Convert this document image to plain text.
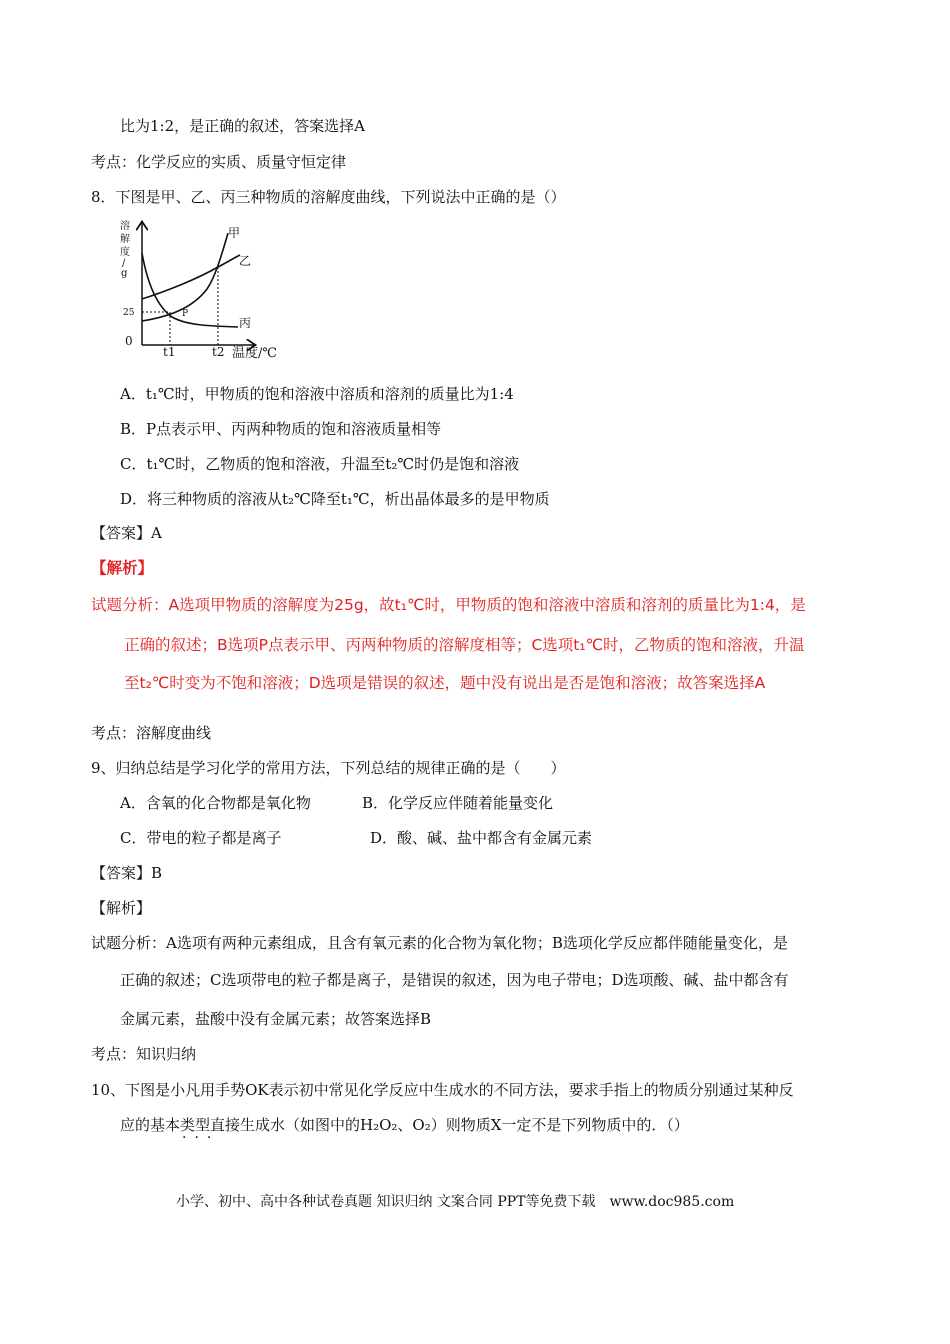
比为1:2，是正确的叙述，答案选择A
考点：化学反应的实质、质量守恒定律
8．下图是甲、乙、丙三种物质的溶解度曲线，下列说法中正确的是（）
溶
解
度
/
g
25
0
t1	t2 温度/℃
甲
乙
丙
P
A．t₁℃时，甲物质的饱和溶液中溶质和溶剂的质量比为1:4
B．P点表示甲、丙两种物质的饱和溶液质量相等
C．t₁℃时，乙物质的饱和溶液，升温至t₂℃时仍是饱和溶液
D．将三种物质的溶液从t₂℃降至t₁℃，析出晶体最多的是甲物质
【答案】A
【解析】
试题分析：A选项甲物质的溶解度为25g，故t₁℃时，甲物质的饱和溶液中溶质和溶剂的质量比为1:4，是
正确的叙述；B选项P点表示甲、丙两种物质的溶解度相等；C选项t₁℃时，乙物质的饱和溶液，升温
至t₂℃时变为不饱和溶液；D选项是错误的叙述，题中没有说出是否是饱和溶液；故答案选择A
考点：溶解度曲线
9、归纳总结是学习化学的常用方法，下列总结的规律正确的是（　　）
A．含氧的化合物都是氧化物	B．化学反应伴随着能量变化
C．带电的粒子都是离子	D．酸、碱、盐中都含有金属元素
【答案】B
【解析】
试题分析：A选项有两种元素组成，且含有氧元素的化合物为氧化物；B选项化学反应都伴随能量变化，是
正确的叙述；C选项带电的粒子都是离子，是错误的叙述，因为电子带电；D选项酸、碱、盐中都含有
金属元素，盐酸中没有金属元素；故答案选择B
考点：知识归纳
10、下图是小凡用手势OK表示初中常见化学反应中生成水的不同方法，要求手指上的物质分别通过某种反
应的基本类型直接生成水（如图中的H₂O₂、O₂）则物质X一定不是下列物质中的．（）
···
小学、初中、高中各种试卷真题 知识归纳 文案合同 PPT等免费下载　www.doc985.com
